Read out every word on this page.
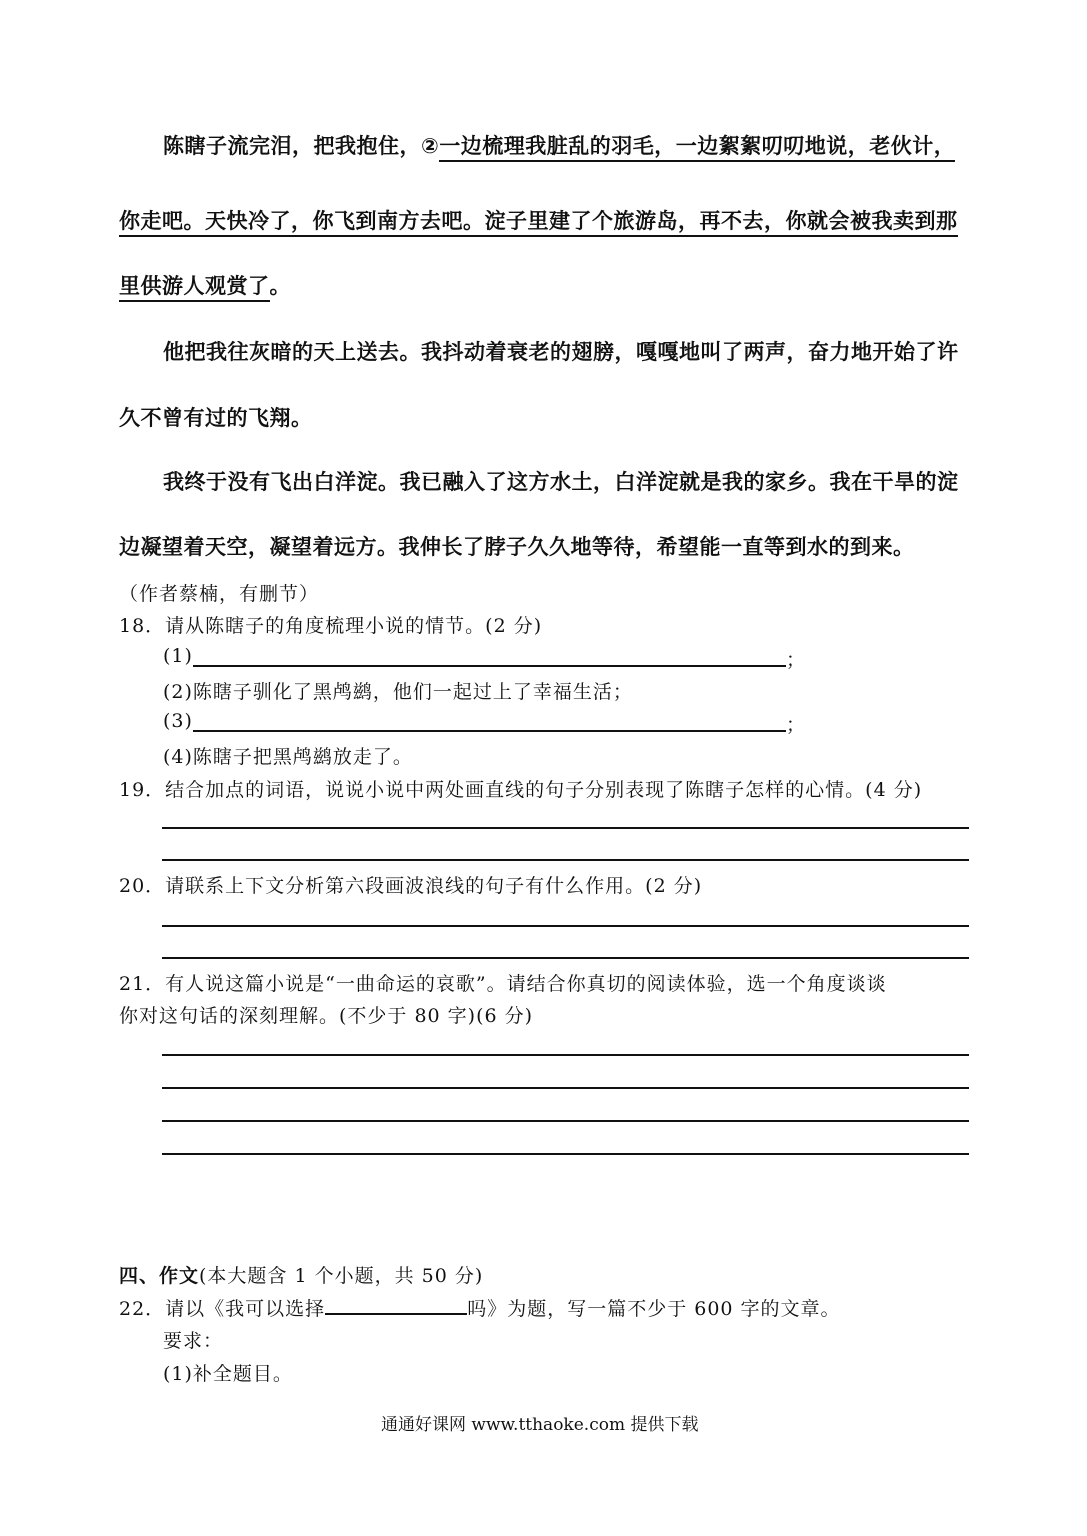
陈瞎子流完泪，把我抱住，②一边梳理我脏乱的羽毛，一边絮絮叨叨地说，老伙计，
你走吧。天快冷了，你飞到南方去吧。淀子里建了个旅游岛，再不去，你就会被我卖到那
里供游人观赏了。
他把我往灰暗的天上送去。我抖动着衰老的翅膀，嘎嘎地叫了两声，奋力地开始了许
久不曾有过的飞翔。
我终于没有飞出白洋淀。我已融入了这方水土，白洋淀就是我的家乡。我在干旱的淀
边凝望着天空，凝望着远方。我伸长了脖子久久地等待，希望能一直等到水的到来。
（作者蔡楠，有删节）
18．请从陈瞎子的角度梳理小说的情节。(2 分)
(1)	；
(2)陈瞎子驯化了黑鸬鹚，他们一起过上了幸福生活；
(3)	；
(4)陈瞎子把黑鸬鹚放走了。
19．结合加点的词语，说说小说中两处画直线的句子分别表现了陈瞎子怎样的心情。(4 分)
20．请联系上下文分析第六段画波浪线的句子有什么作用。(2 分)
21．有人说这篇小说是“一曲命运的哀歌”。请结合你真切的阅读体验，选一个角度谈谈
你对这句话的深刻理解。(不少于 80 字)(6 分)
四、作文(本大题含 1 个小题，共 50 分)
22．请以《我可以选择	吗》为题，写一篇不少于 600 字的文章。
要求：
(1)补全题目。
通通好课网 www.tthaoke.com 提供下载
